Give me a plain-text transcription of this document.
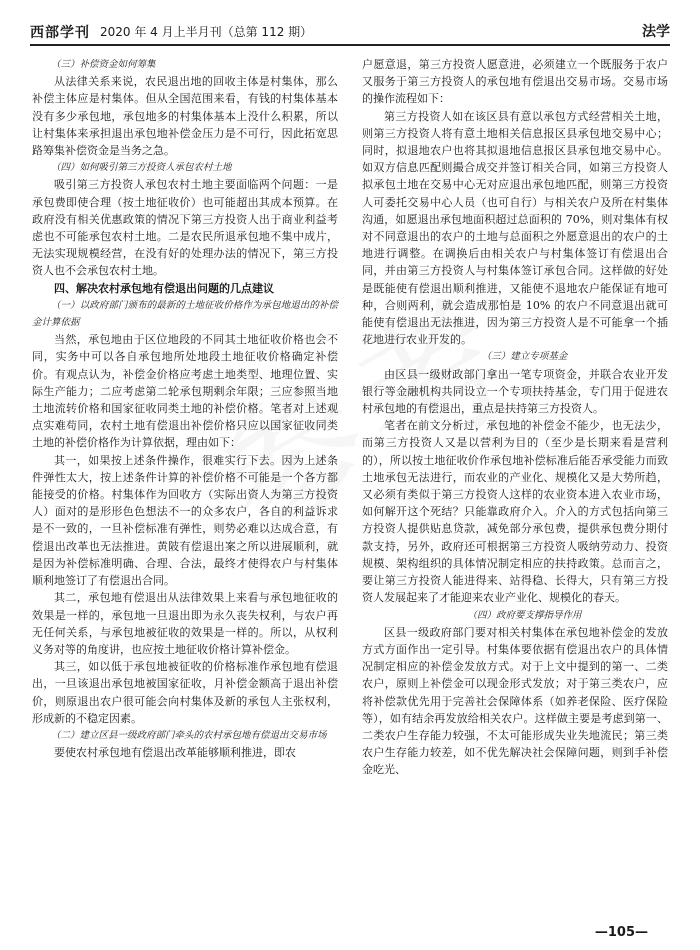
西部学刊 2020 年 4 月上半月刊（总第 112 期）	法学

（三）补偿资金如何筹集

从法律关系来说，农民退出地的回收主体是村集体，那么补偿主体应是村集体。但从全国范围来看，有钱的村集体基本没有多少承包地，承包地多的村集体基本上没什么积累，所以让村集体来承担退出承包地补偿金压力是不可行，因此拓宽思路筹集补偿资金是当务之急。

（四）如何吸引第三方投资人承包农村土地

吸引第三方投资人承包农村土地主要面临两个问题：一是承包费即使合理（按土地征收价）也可能超出其成本预算。在政府没有相关优惠政策的情况下第三方投资人出于商业利益考虑也不可能承包农村土地。二是农民所退承包地不集中成片，无法实现规模经营，在没有好的处理办法的情况下，第三方投资人也不会承包农村土地。

四、解决农村承包地有偿退出问题的几点建议

（一）以政府部门颁布的最新的土地征收价格作为承包地退出的补偿金计算依据

当然，承包地由于区位地段的不同其土地征收价格也会不同，实务中可以各自承包地所处地段土地征收价格确定补偿价。有观点认为，补偿金价格应考虑土地类型、地理位置、实际生产能力；二应考虑第二轮承包期剩余年限；三应参照当地土地流转价格和国家征收同类土地的补偿价格。笔者对上述观点实难苟同，农村土地有偿退出补偿价格只应以国家征收同类土地的补偿价格作为计算依据，理由如下：

其一，如果按上述条件操作，很难实行下去。因为上述条件弹性太大，按上述条件计算的补偿价格不可能是一个各方都能接受的价格。村集体作为回收方（实际出资人为第三方投资人）面对的是形形色色想法不一的众多农户，各自的利益诉求是不一致的，一旦补偿标准有弹性，则势必难以达成合意，有偿退出改革也无法推进。黄陂有偿退出案之所以进展顺利，就是因为补偿标准明确、合理、合法，最终才使得农户与村集体顺利地签订了有偿退出合同。

其二，承包地有偿退出从法律效果上来看与承包地征收的效果是一样的，承包地一旦退出即为永久丧失权利，与农户再无任何关系，与承包地被征收的效果是一样的。所以，从权利义务对等的角度讲，也应按土地征收价格计算补偿金。

其三，如以低于承包地被征收的价格标准作承包地有偿退出，一旦该退出承包地被国家征收，月补偿金额高于退出补偿价，则原退出农户很可能会向村集体及新的承包人主张权利，形成新的不稳定因素。

（二）建立区县一级政府部门牵头的农村承包地有偿退出交易市场

要使农村承包地有偿退出改革能够顺利推进，即农

户愿意退，第三方投资人愿意进，必须建立一个既服务于农户又服务于第三方投资人的承包地有偿退出交易市场。交易市场的操作流程如下：

第三方投资人如在该区县有意以承包方式经营相关土地，则第三方投资人将有意土地相关信息报区县承包地交易中心；同时，拟退地农户也将其拟退地信息报区县承包地交易中心。如双方信息匹配则撮合成交并签订相关合同，如第三方投资人拟承包土地在交易中心无对应退出承包地匹配，则第三方投资人可委托交易中心人员（也可自行）与相关农户及所在村集体沟通，如愿退出承包地面积超过总面积的 70%，则对集体有权对不同意退出的农户的土地与总面积之外愿意退出的农户的土地进行调整。在调换后由相关农户与村集体签订有偿退出合同，并由第三方投资人与村集体签订承包合同。这样做的好处是既能使有偿退出顺利推进，又能使不退地农户能保证有地可种，合则两利，就会造成那怕是 10% 的农户不同意退出就可能使有偿退出无法推进，因为第三方投资人是不可能拿一个插花地进行农业开发的。

（三）建立专项基金

由区县一级财政部门拿出一笔专项资金，并联合农业开发银行等金融机构共同设立一个专项扶持基金，专门用于促进农村承包地的有偿退出，重点是扶持第三方投资人。

笔者在前文分析过，承包地的补偿金不能少，也无法少，而第三方投资人又是以营利为目的（至少是长期来看是营利的），所以按土地征收价作承包地补偿标准后能否承受能力而致土地承包无法进行，而农业的产业化、规模化又是大势所趋，又必须有类似于第三方投资人这样的农业资本进入农业市场，如何解开这个死结？只能靠政府介入。介入的方式包括向第三方投资人提供贴息贷款，减免部分承包费，提供承包费分期付款支持，另外，政府还可根据第三方投资人吸纳劳动力、投资规模、架构组织的具体情况制定相应的扶持政策。总而言之，要让第三方投资人能进得来、站得稳、长得大，只有第三方投资人发展起来了才能迎来农业产业化、规模化的春天。

（四）政府要支撑指导作用

区县一级政府部门要对相关村集体在承包地补偿金的发放方式方面作出一定引导。村集体要依据有偿退出农户的具体情况制定相应的补偿金发放方式。对于上文中提到的第一、二类农户，原则上补偿金可以现金形式发放；对于第三类农户，应将补偿款优先用于完善社会保障体系（如养老保险、医疗保险等），如有结余再发放给相关农户。这样做主要是考虑到第一、二类农户生存能力较强，不太可能形成失业失地流民；第三类农户生存能力较差，如不优先解决社会保障问题，则到手补偿金吃光、

—105—
